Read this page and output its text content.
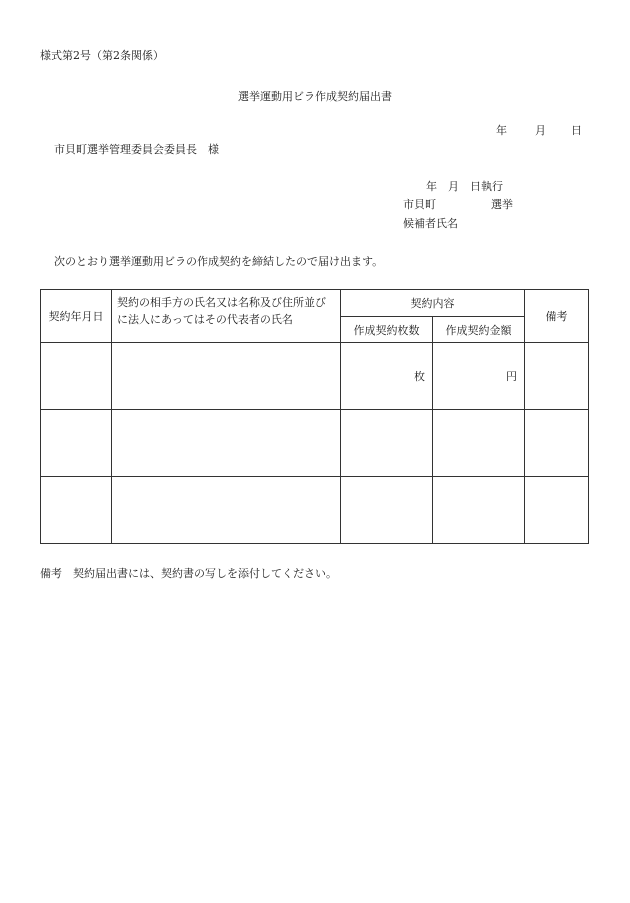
様式第2号（第2条関係）
選挙運動用ビラ作成契約届出書
年	月 日
市貝町選挙管理委員会委員長　様
年　月　日執行
市貝町　　　　　選挙
候補者氏名
次のとおり選挙運動用ビラの作成契約を締結したので届け出ます。
契約年月日	契約の相手方の氏名又は名称及び住所並びに法人にあってはその代表者の氏名	契約内容		備考
		作成契約枚数	作成契約金額	
		枚	円	

備考　契約届出書には、契約書の写しを添付してください。
